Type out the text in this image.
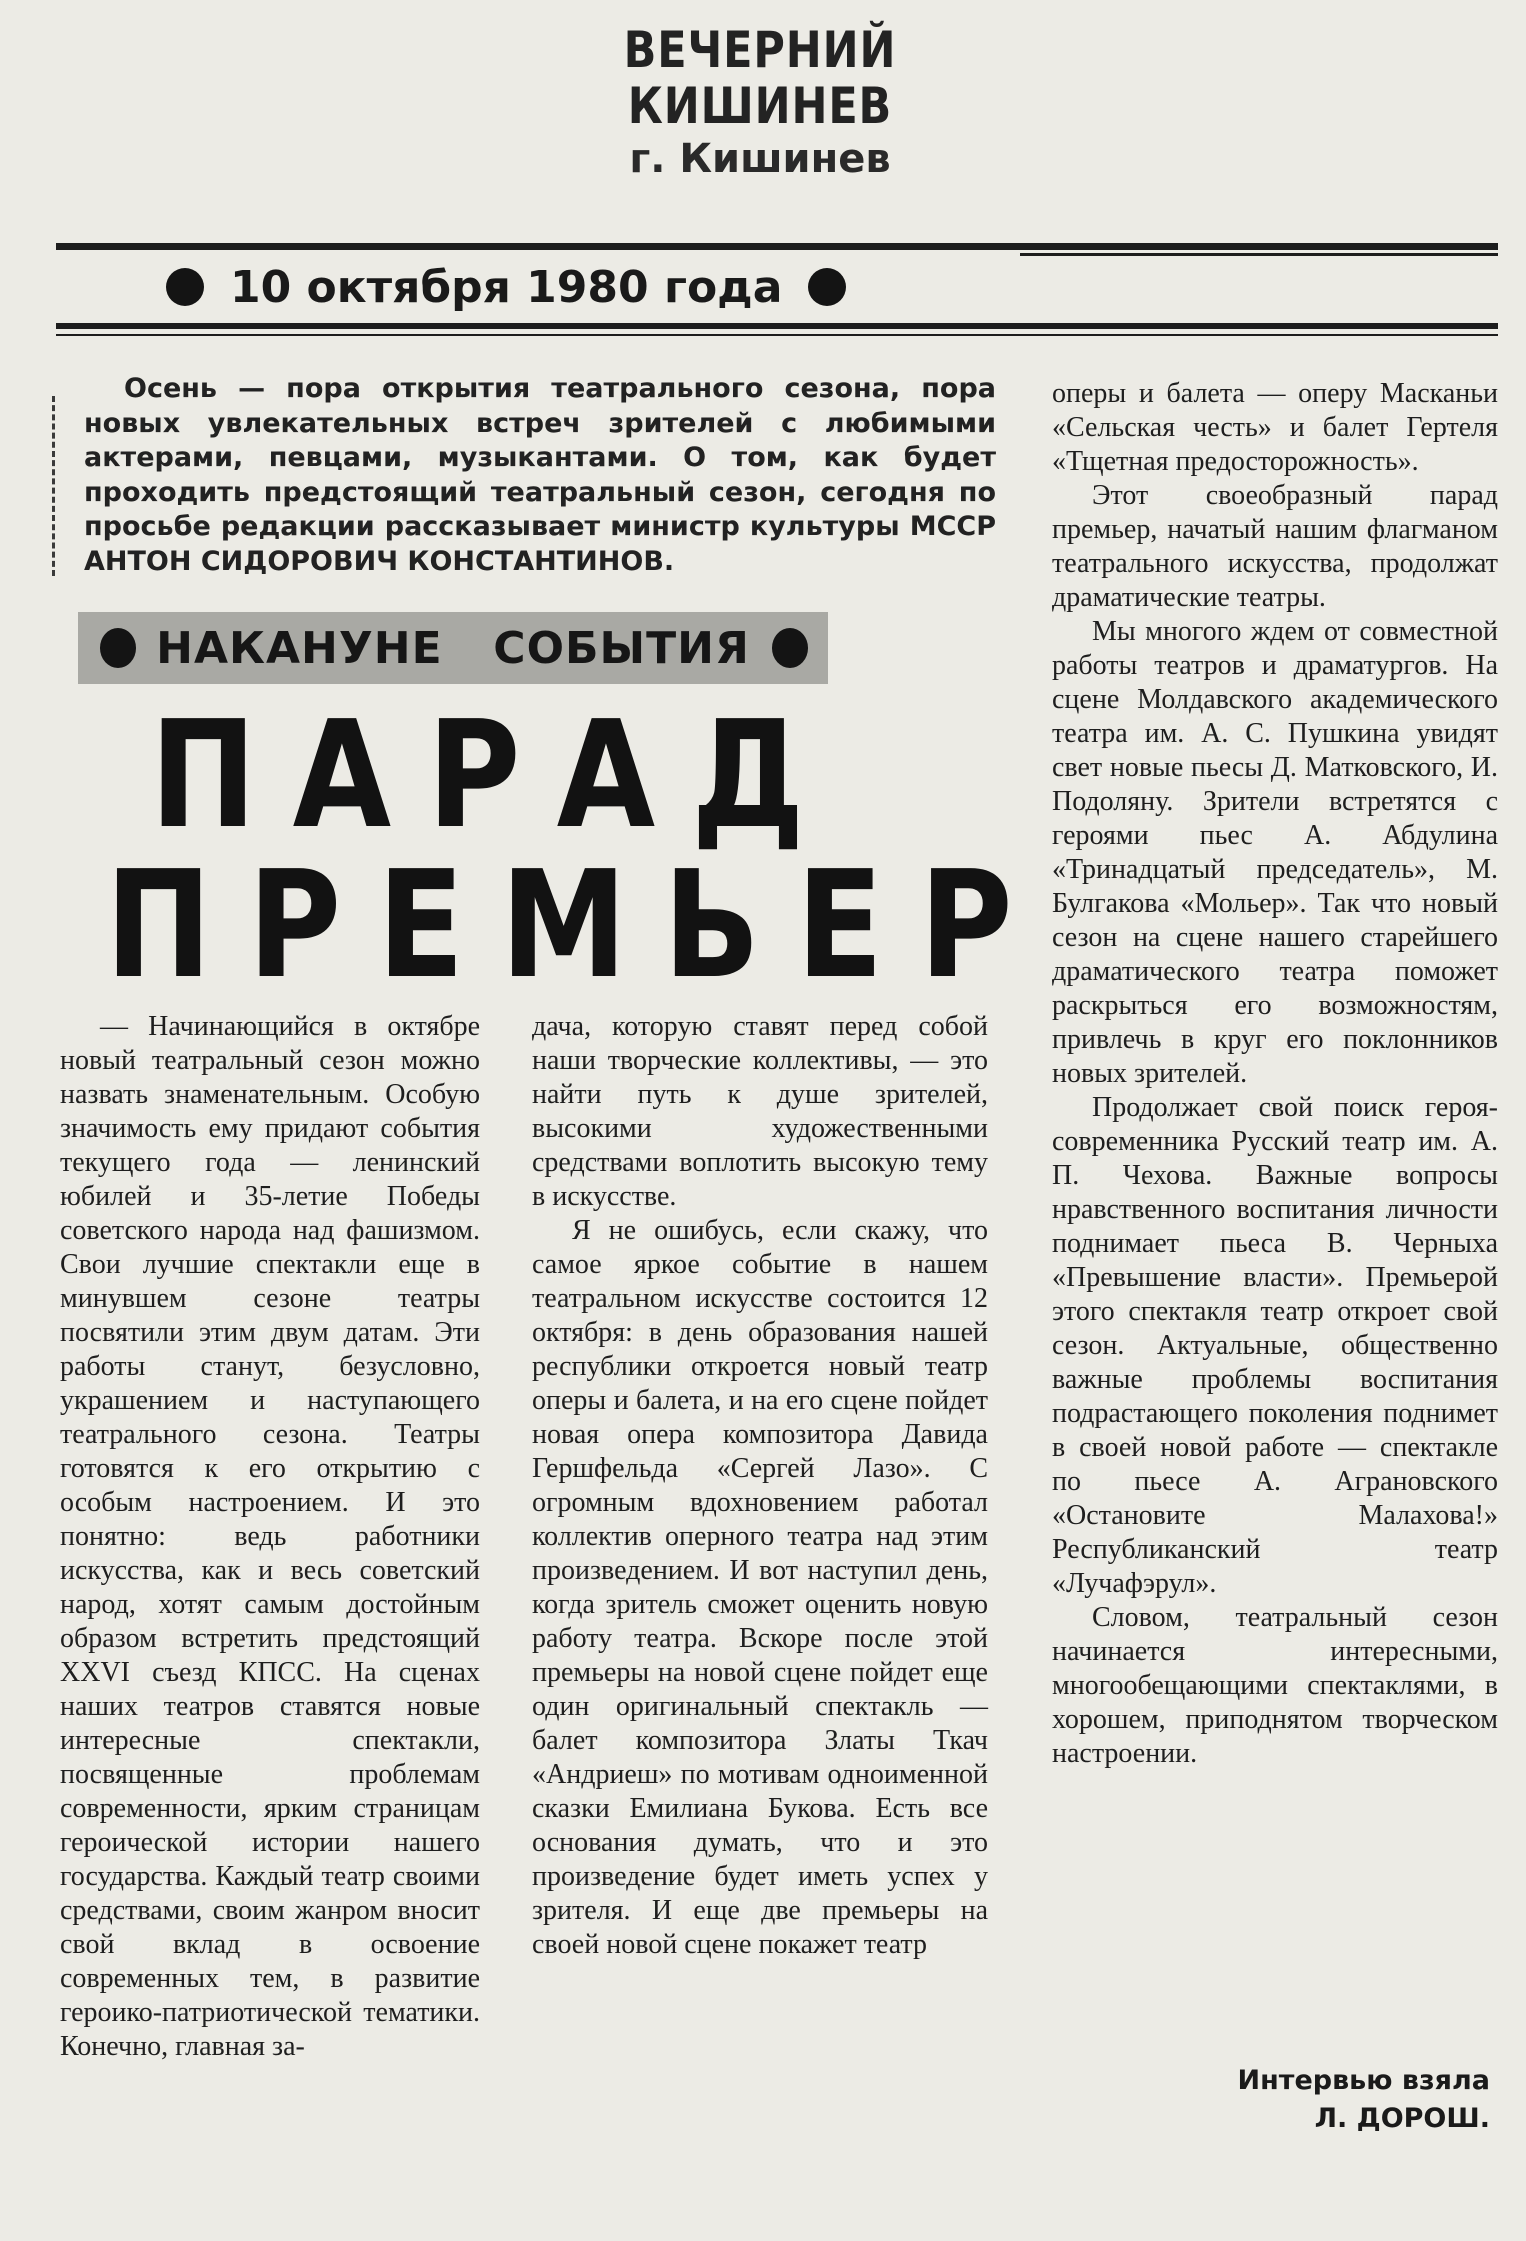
ВЕЧЕРНИЙ КИШИНЕВ
г. Кишинев
10 октября 1980 года
Осень — пора открытия театрального сезона, пора новых увлекательных встреч зрителей с любимыми актерами, певцами, музыкантами. О том, как будет проходить предстоящий театральный сезон, сегодня по просьбе редакции рассказывает министр культуры МССР АНТОН СИДОРОВИЧ КОНСТАНТИНОВ.
НАКАНУНЕ СОБЫТИЯ
ПАРАД
ПРЕМЬЕР

— Начинающийся в октябре новый театральный сезон можно назвать знаменательным. Особую значимость ему придают события текущего года — ленинский юбилей и 35-летие Победы советского народа над фашизмом. Свои лучшие спектакли еще в минувшем сезоне театры посвятили этим двум датам. Эти работы станут, безусловно, украшением и наступающего театрального сезона. Театры готовятся к его открытию с особым настроением. И это понятно: ведь работники искусства, как и весь советский народ, хотят самым достойным образом встретить предстоящий XXVI съезд КПСС. На сценах наших театров ставятся новые интересные спектакли, посвященные проблемам современности, ярким страницам героической истории нашего государства. Каждый театр своими средствами, своим жанром вносит свой вклад в освоение современных тем, в развитие героико-патриотической тематики. Конечно, главная за-

дача, которую ставят перед собой наши творческие коллективы, — это найти путь к душе зрителей, высокими художественными средствами воплотить высокую тему в искусстве.

Я не ошибусь, если скажу, что самое яркое событие в нашем театральном искусстве состоится 12 октября: в день образования нашей республики откроется новый театр оперы и балета, и на его сцене пойдет новая опера композитора Давида Гершфельда «Сергей Лазо». С огромным вдохновением работал коллектив оперного театра над этим произведением. И вот наступил день, когда зритель сможет оценить новую работу театра. Вскоре после этой премьеры на новой сцене пойдет еще один оригинальный спектакль — балет композитора Златы Ткач «Андриеш» по мотивам одноименной сказки Емилиана Букова. Есть все основания думать, что и это произведение будет иметь успех у зрителя. И еще две премьеры на своей новой сцене покажет театр

оперы и балета — оперу Масканьи «Сельская честь» и балет Гертеля «Тщетная предосторожность».

Этот своеобразный парад премьер, начатый нашим флагманом театрального искусства, продолжат драматические театры.

Мы многого ждем от совместной работы театров и драматургов. На сцене Молдавского академического театра им. А. С. Пушкина увидят свет новые пьесы Д. Матковского, И. Подоляну. Зрители встретятся с героями пьес А. Абдулина «Тринадцатый председатель», М. Булгакова «Мольер». Так что новый сезон на сцене нашего старейшего драматического театра поможет раскрыться его возможностям, привлечь в круг его поклонников новых зрителей.

Продолжает свой поиск героя-современника Русский театр им. А. П. Чехова. Важные вопросы нравственного воспитания личности поднимает пьеса В. Черныха «Превышение власти». Премьерой этого спектакля театр откроет свой сезон. Актуальные, общественно важные проблемы воспитания подрастающего поколения поднимет в своей новой работе — спектакле по пьесе А. Аграновского «Остановите Малахова!» Республиканский театр «Лучафэрул».

Словом, театральный сезон начинается интересными, многообещающими спектаклями, в хорошем, приподнятом творческом настроении.

Интервью взяла
Л. ДОРОШ.
